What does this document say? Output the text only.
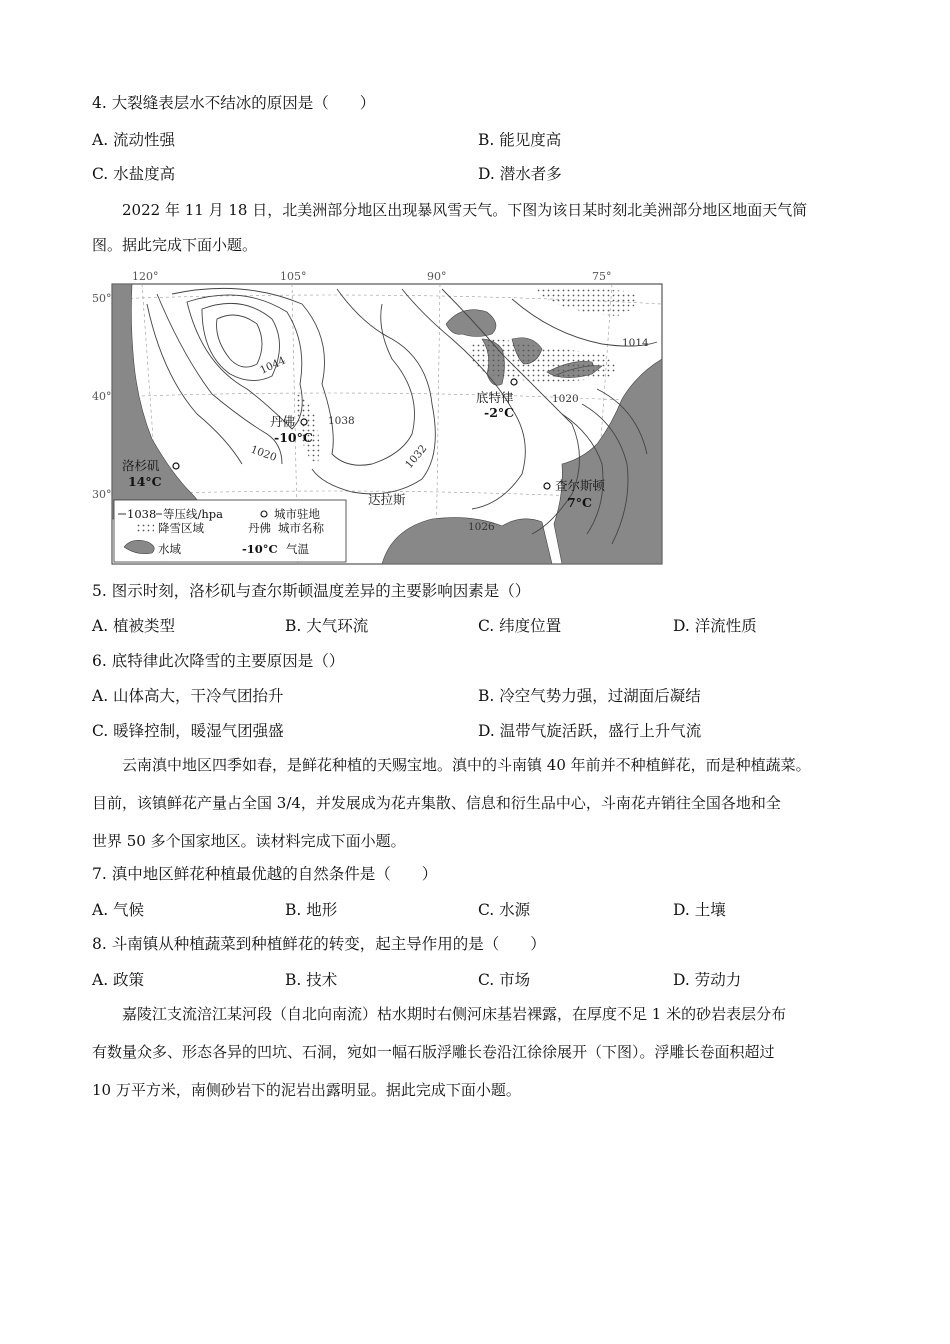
4. 大裂缝表层水不结冰的原因是（　　）
A. 流动性强	B. 能见度高
C. 水盐度高	D. 潜水者多
2022 年 11 月 18 日，北美洲部分地区出现暴风雪天气。下图为该日某时刻北美洲部分地区地面天气简
图。据此完成下面小题。
120°	105°	90°	75°
50°
40°
30°
1044
1038
1032
1020
1026
1020
1014
丹佛
-10°C
洛杉矶
14°C
底特律
-2°C
查尔斯顿
7°C
达拉斯
1038 等压线/hpa
降雪区域
水域
城市驻地
丹佛 城市名称
-10°C 气温
5. 图示时刻，洛杉矶与查尔斯顿温度差异的主要影响因素是（）
A. 植被类型	B. 大气环流	C. 纬度位置	D. 洋流性质
6. 底特律此次降雪的主要原因是（）
A. 山体高大，干冷气团抬升	B. 冷空气势力强，过湖面后凝结
C. 暖锋控制，暖湿气团强盛	D. 温带气旋活跃，盛行上升气流
云南滇中地区四季如春，是鲜花种植的天赐宝地。滇中的斗南镇 40 年前并不种植鲜花，而是种植蔬菜。
目前，该镇鲜花产量占全国 3/4，并发展成为花卉集散、信息和衍生品中心，斗南花卉销往全国各地和全
世界 50 多个国家地区。读材料完成下面小题。
7. 滇中地区鲜花种植最优越的自然条件是（　　）
A. 气候	B. 地形	C. 水源	D. 土壤
8. 斗南镇从种植蔬菜到种植鲜花的转变，起主导作用的是（　　）
A. 政策	B. 技术	C. 市场	D. 劳动力
嘉陵江支流涪江某河段（自北向南流）枯水期时右侧河床基岩裸露，在厚度不足 1 米的砂岩表层分布
有数量众多、形态各异的凹坑、石洞，宛如一幅石版浮雕长卷沿江徐徐展开（下图）。浮雕长卷面积超过
10 万平方米，南侧砂岩下的泥岩出露明显。据此完成下面小题。
